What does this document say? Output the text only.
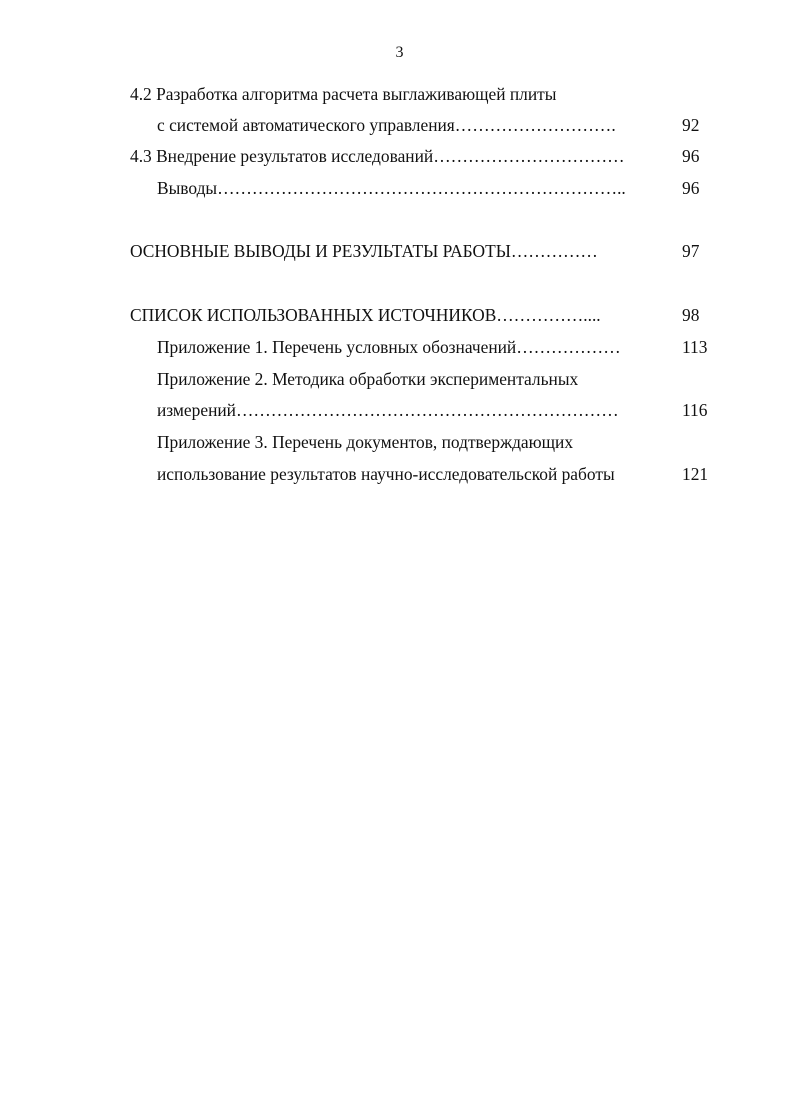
3
4.2 Разработка алгоритма расчета выглаживающей плиты
с системой автоматического управления……………………….	92
4.3 Внедрение результатов исследований……………………………	96
Выводы……………………………………………………………..	96
ОСНОВНЫЕ ВЫВОДЫ И РЕЗУЛЬТАТЫ РАБОТЫ……………	97
СПИСОК ИСПОЛЬЗОВАННЫХ ИСТОЧНИКОВ……………....	98
Приложение 1. Перечень условных обозначений………………	113
Приложение 2. Методика обработки экспериментальных
измерений…………………………………………………………	116
Приложение 3. Перечень документов, подтверждающих
использование результатов научно-исследовательской работы	121
